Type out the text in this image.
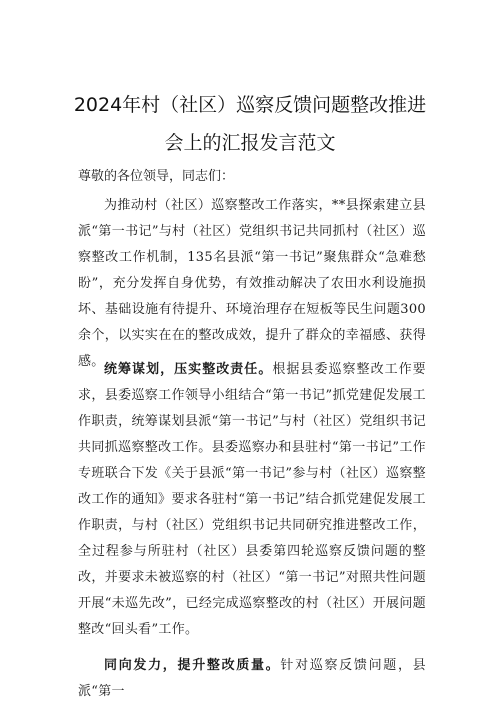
2024年村（社区）巡察反馈问题整改推进
会上的汇报发言范文

尊敬的各位领导，同志们：

为推动村（社区）巡察整改工作落实，**县探索建立县派“第一书记”与村（社区）党组织书记共同抓村（社区）巡察整改工作机制，135名县派“第一书记”聚焦群众“急难愁盼”，充分发挥自身优势，有效推动解决了农田水利设施损坏、基础设施有待提升、环境治理存在短板等民生问题300余个，以实实在在的整改成效，提升了群众的幸福感、获得感。

统筹谋划，压实整改责任。根据县委巡察整改工作要求，县委巡察工作领导小组结合“第一书记”抓党建促发展工作职责，统筹谋划县派“第一书记”与村（社区）党组织书记共同抓巡察整改工作。县委巡察办和县驻村“第一书记”工作专班联合下发《关于县派“第一书记”参与村（社区）巡察整改工作的通知》要求各驻村“第一书记”结合抓党建促发展工作职责，与村（社区）党组织书记共同研究推进整改工作，全过程参与所驻村（社区）县委第四轮巡察反馈问题的整改，并要求未被巡察的村（社区）“第一书记”对照共性问题开展“未巡先改”，已经完成巡察整改的村（社区）开展问题整改“回头看”工作。

同向发力，提升整改质量。针对巡察反馈问题，县派“第一
